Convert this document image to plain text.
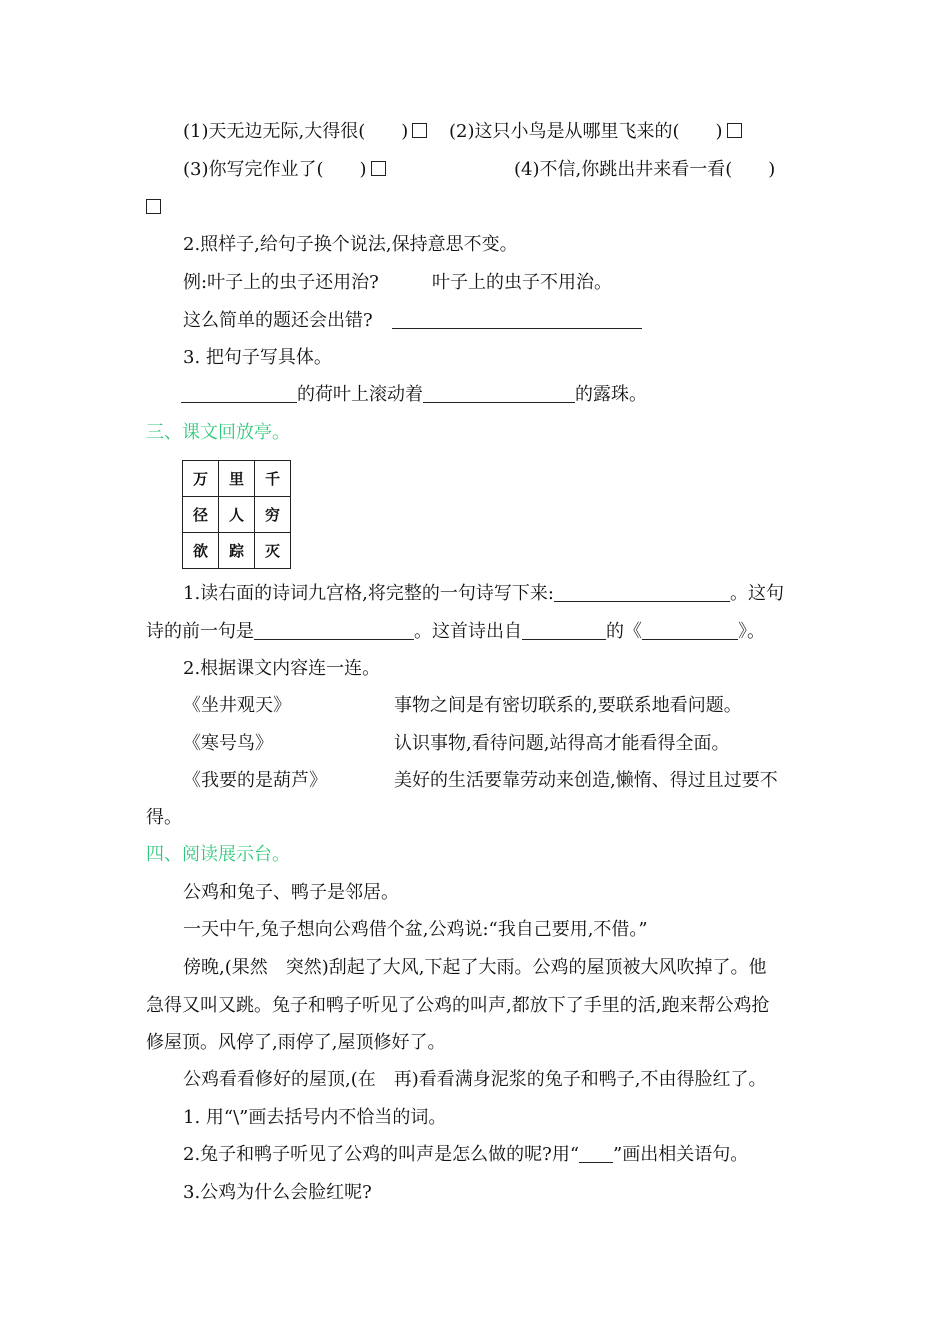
(1)天无边无际,大得很(　　) (2)这只小鸟是从哪里飞来的(　　)
(3)你写完作业了(　　)	(4)不信,你跳出井来看一看(　　)
2.照样子,给句子换个说法,保持意思不变。
例:叶子上的虫子还用治?	叶子上的虫子不用治。
这么简单的题还会出错?
3. 把句子写具体。
的荷叶上滚动着	的露珠。
三、课文回放亭。
万	里	千
径	人	穷
欲	踪	灭
1.读右面的诗词九宫格,将完整的一句诗写下来:	。这句
诗的前一句是	。这首诗出自	的《	》。
2.根据课文内容连一连。
《坐井观天》	事物之间是有密切联系的,要联系地看问题。
《寒号鸟》	认识事物,看待问题,站得高才能看得全面。
《我要的是葫芦》	美好的生活要靠劳动来创造,懒惰、得过且过要不
得。
四、阅读展示台。
公鸡和兔子、鸭子是邻居。
一天中午,兔子想向公鸡借个盆,公鸡说:“我自己要用,不借。”
傍晚,(果然　突然)刮起了大风,下起了大雨。公鸡的屋顶被大风吹掉了。他
急得又叫又跳。兔子和鸭子听见了公鸡的叫声,都放下了手里的活,跑来帮公鸡抢
修屋顶。风停了,雨停了,屋顶修好了。
公鸡看看修好的屋顶,(在　再)看看满身泥浆的兔子和鸭子,不由得脸红了。
1. 用“\”画去括号内不恰当的词。
2.兔子和鸭子听见了公鸡的叫声是怎么做的呢?用“ ”画出相关语句。
3.公鸡为什么会脸红呢?
